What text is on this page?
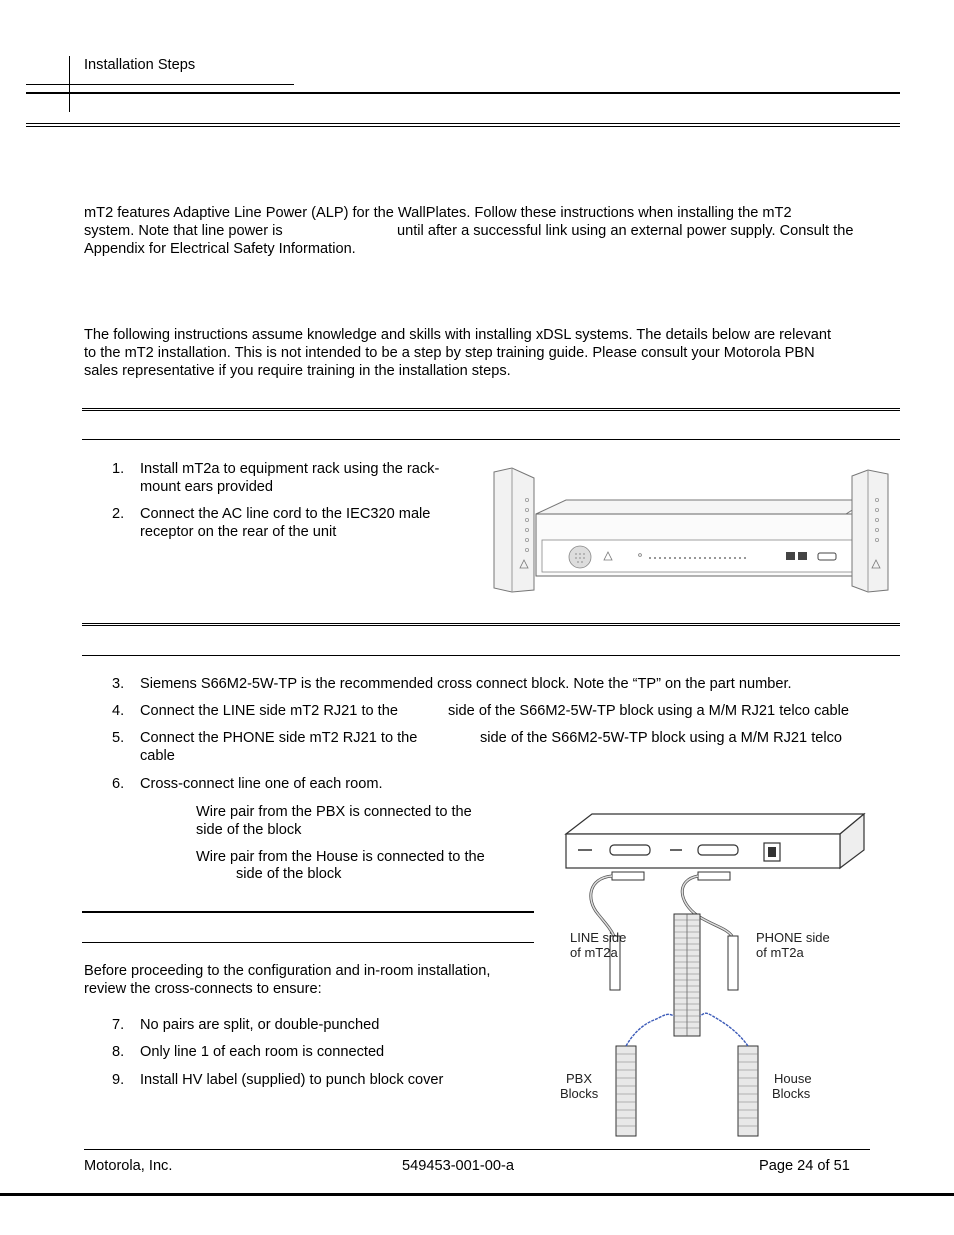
Installation Steps
mT2 features Adaptive Line Power (ALP) for the WallPlates. Follow these instructions when installing the mT2
system. Note that line power is	until after a successful link using an external power supply. Consult the
Appendix for Electrical Safety Information.
The following instructions assume knowledge and skills with installing xDSL systems. The details below are relevant
to the mT2 installation. This is not intended to be a step by step training guide. Please consult your Motorola PBN
sales representative if you require training in the installation steps.
1.	Install mT2a to equipment rack using the rack-
mount ears provided
2.	Connect the AC line cord to the IEC320 male
receptor on the rear of the unit
3.	Siemens S66M2-5W-TP is the recommended cross connect block. Note the “TP” on the part number.
4.	Connect the LINE side mT2 RJ21 to the	side of the S66M2-5W-TP block using a M/M RJ21 telco cable
5.	Connect the PHONE side mT2 RJ21 to the	side of the S66M2-5W-TP block using a M/M RJ21 telco
cable
6.	Cross-connect line one of each room.
Wire pair from the PBX is connected to the
side of the block
Wire pair from the House is connected to the
side of the block
Before proceeding to the configuration and in-room installation,
review the cross-connects to ensure:
7.	No pairs are split, or double-punched
8.	Only line 1 of each room is connected
9.	Install HV label (supplied) to punch block cover
LINE side
of mT2a
PHONE side
of mT2a
PBX
Blocks
House
Blocks
Motorola, Inc.	549453-001-00-a	Page 24 of 51
